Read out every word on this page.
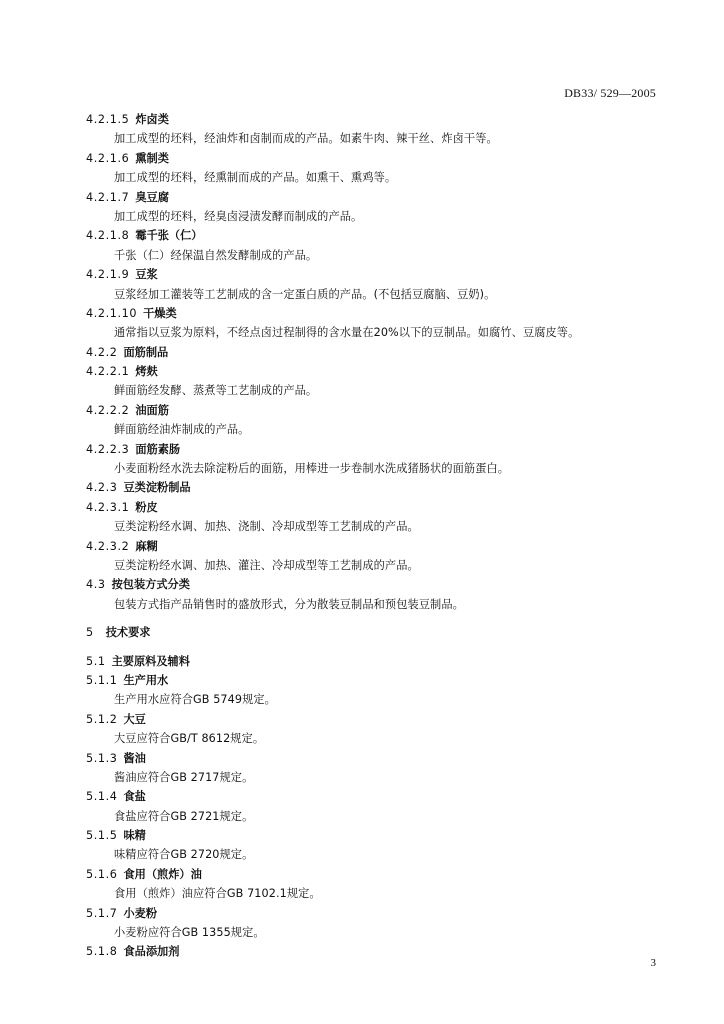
DB33/ 529—2005
4.2.1.5 炸卤类
加工成型的坯料，经油炸和卤制而成的产品。如素牛肉、辣干丝、炸卤干等。
4.2.1.6 熏制类
加工成型的坯料，经熏制而成的产品。如熏干、熏鸡等。
4.2.1.7 臭豆腐
加工成型的坯料，经臭卤浸渍发酵而制成的产品。
4.2.1.8 霉千张（仁）
千张（仁）经保温自然发酵制成的产品。
4.2.1.9 豆浆
豆浆经加工灌装等工艺制成的含一定蛋白质的产品。(不包括豆腐脑、豆奶)。
4.2.1.10 干燥类
通常指以豆浆为原料，不经点卤过程制得的含水量在20%以下的豆制品。如腐竹、豆腐皮等。
4.2.2 面筋制品
4.2.2.1 烤麸
鲜面筋经发酵、蒸煮等工艺制成的产品。
4.2.2.2 油面筋
鲜面筋经油炸制成的产品。
4.2.2.3 面筋素肠
小麦面粉经水洗去除淀粉后的面筋，用棒进一步卷制水洗成猪肠状的面筋蛋白。
4.2.3 豆类淀粉制品
4.2.3.1 粉皮
豆类淀粉经水调、加热、浇制、冷却成型等工艺制成的产品。
4.2.3.2 麻糊
豆类淀粉经水调、加热、灌注、冷却成型等工艺制成的产品。
4.3 按包装方式分类
包装方式指产品销售时的盛放形式，分为散装豆制品和预包装豆制品。
5 技术要求
5.1 主要原料及辅料
5.1.1 生产用水
生产用水应符合GB 5749规定。
5.1.2 大豆
大豆应符合GB/T 8612规定。
5.1.3 酱油
酱油应符合GB 2717规定。
5.1.4 食盐
食盐应符合GB 2721规定。
5.1.5 味精
味精应符合GB 2720规定。
5.1.6 食用（煎炸）油
食用（煎炸）油应符合GB 7102.1规定。
5.1.7 小麦粉
小麦粉应符合GB 1355规定。
5.1.8 食品添加剂
3
